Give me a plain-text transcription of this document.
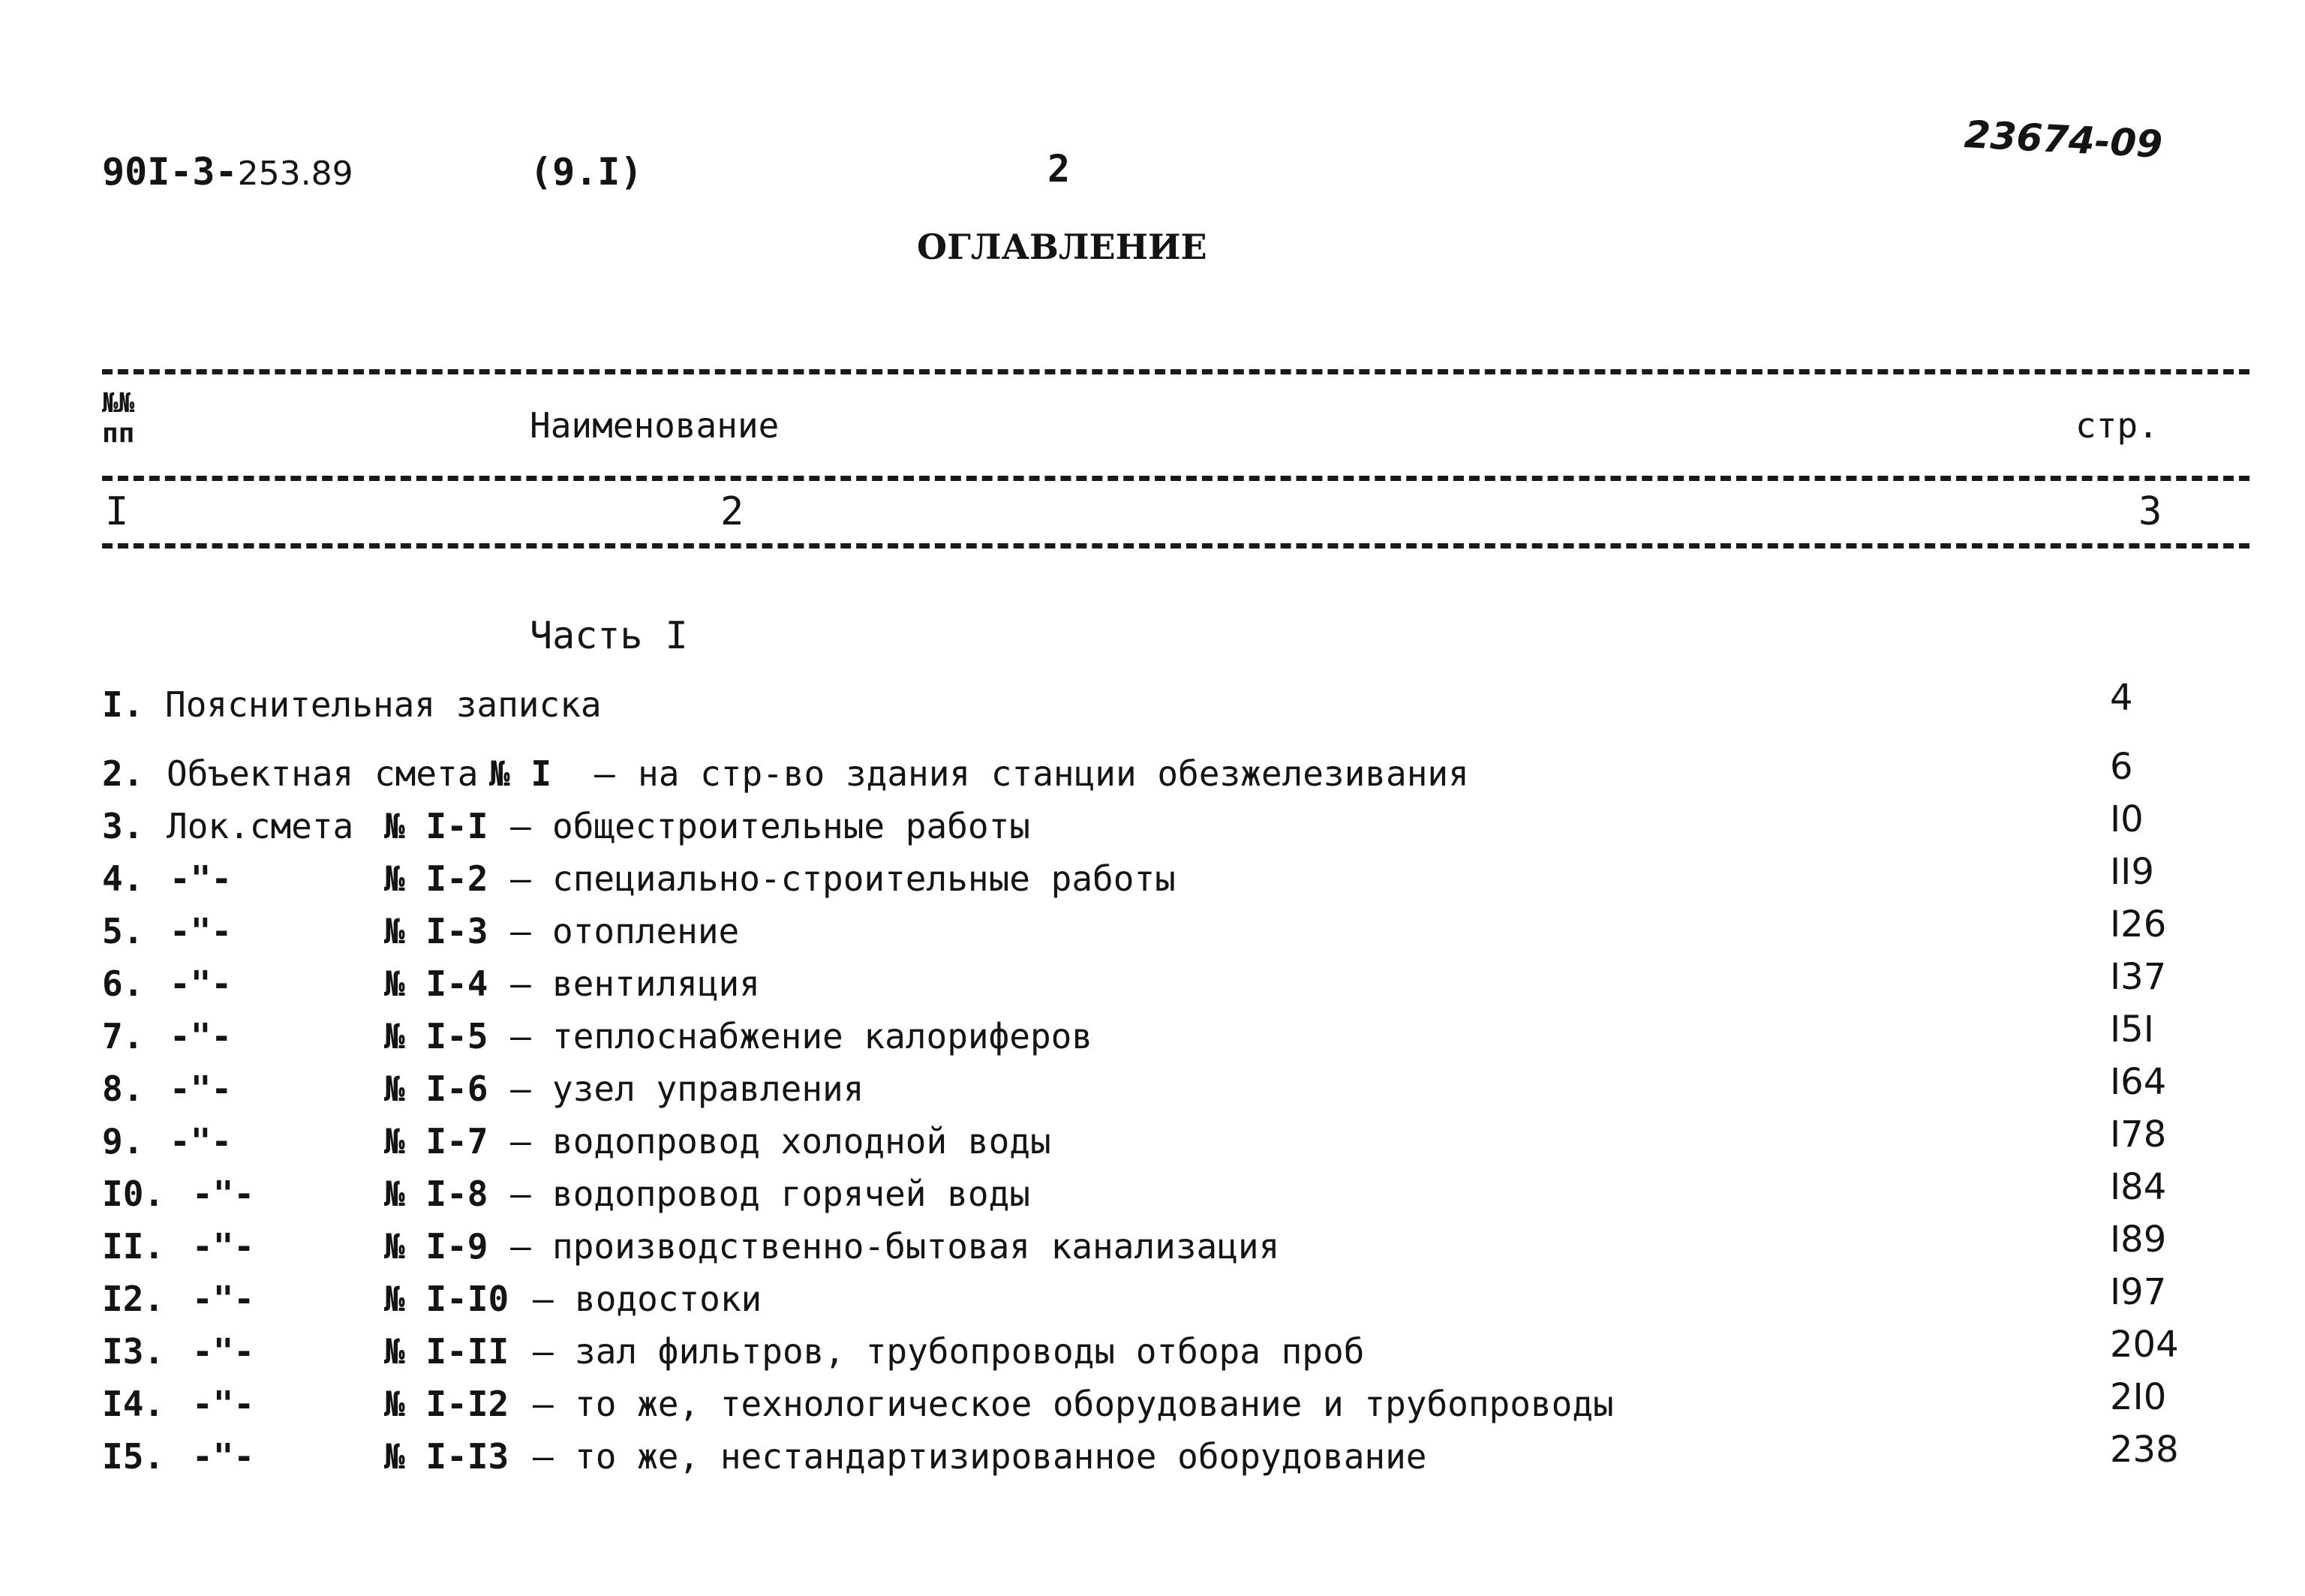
90I-3-253.89	(9.I)	2
23674-09
ОГЛАВЛЕНИЕ
№№
пп	Наименование	стр.
I	2	3
Часть I
I. Пояснительная записка	4
2. Объектная смета № I – на стр-во здания станции обезжелезивания	6
3. Лок.смета № I-I – общестроительные работы	I0
4. -"-	№ I-2 – специально-строительные работы	II9
5. -"-	№ I-3 – отопление	I26
6. -"-	№ I-4 – вентиляция	I37
7. -"-	№ I-5 – теплоснабжение калориферов	I5I
8. -"-	№ I-6 – узел управления	I64
9. -"-	№ I-7 – водопровод холодной воды	I78
I0. -"-	№ I-8 – водопровод горячей воды	I84
II. -"-	№ I-9 – производственно-бытовая канализация	I89
I2. -"-	№ I-I0 – водостоки	I97
I3. -"-	№ I-II – зал фильтров, трубопроводы отбора проб	204
I4. -"-	№ I-I2 – то же, технологическое оборудование и трубопроводы	2I0
I5. -"-	№ I-I3 – то же, нестандартизированное оборудование	238
